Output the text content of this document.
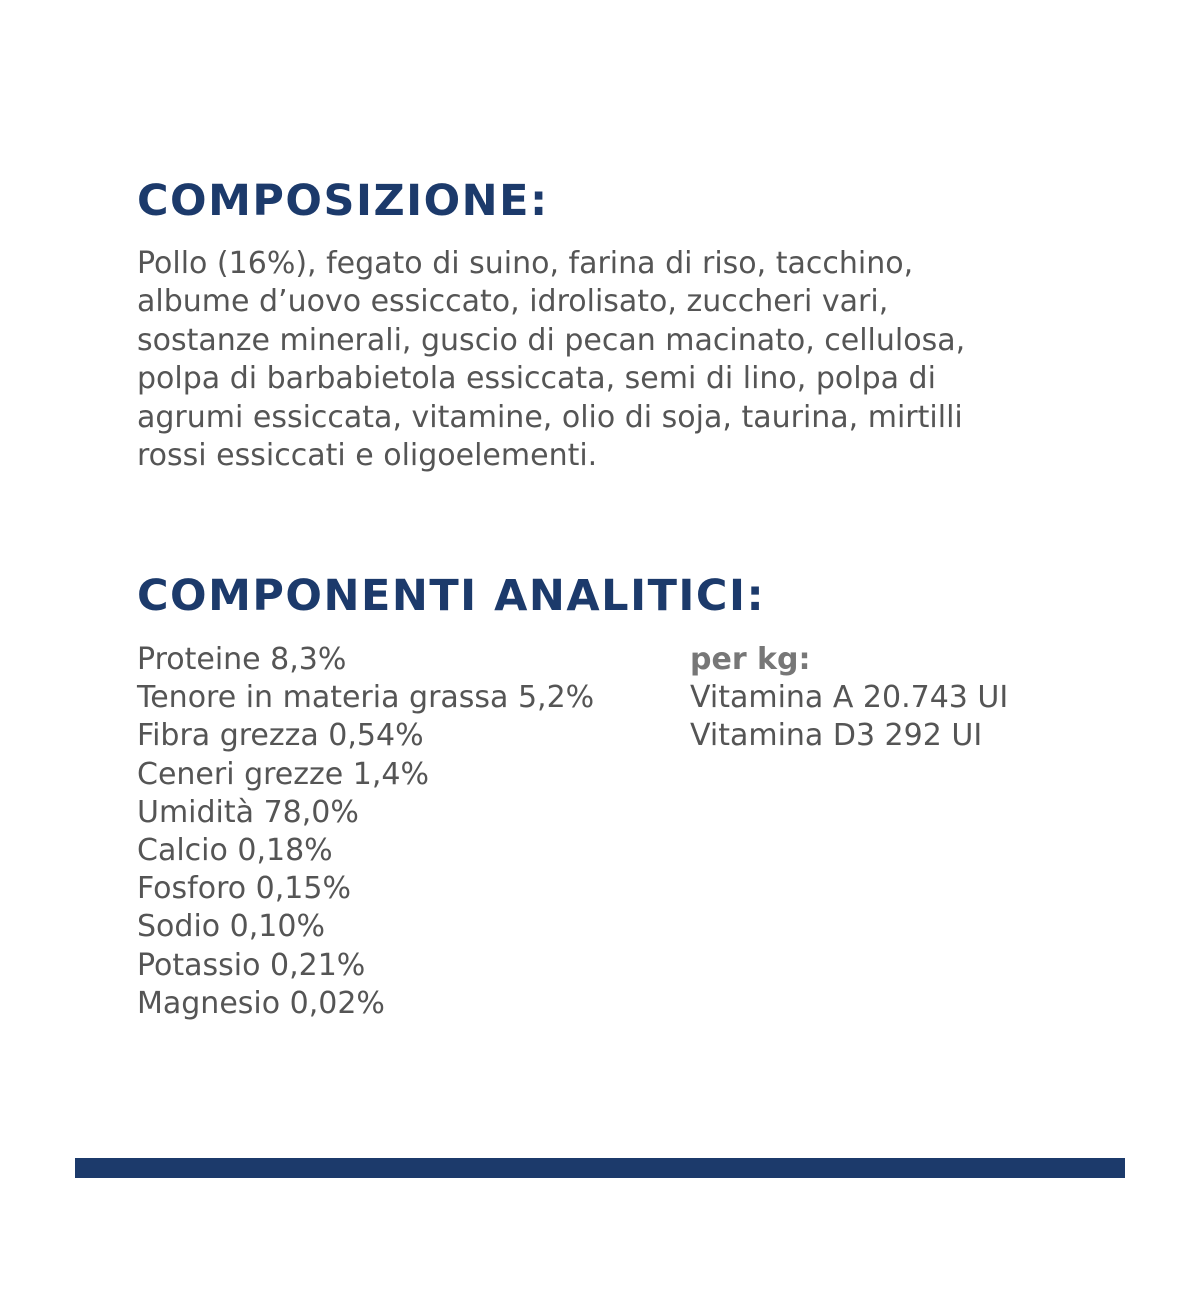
COMPOSIZIONE:

Pollo (16%), fegato di suino, farina di riso, tacchino,
albume d’uovo essiccato, idrolisato, zuccheri vari,
sostanze minerali, guscio di pecan macinato, cellulosa,
polpa di barbabietola essiccata, semi di lino, polpa di
agrumi essiccata, vitamine, olio di soja, taurina, mirtilli
rossi essiccati e oligoelementi.

COMPONENTI ANALITICI:
Proteine 8,3%
Tenore in materia grassa 5,2%
Fibra grezza 0,54%
Ceneri grezze 1,4%
Umidità 78,0%
Calcio 0,18%
Fosforo 0,15%
Sodio 0,10%
Potassio 0,21%
Magnesio 0,02%
per kg:
Vitamina A 20.743 UI
Vitamina D3 292 UI
